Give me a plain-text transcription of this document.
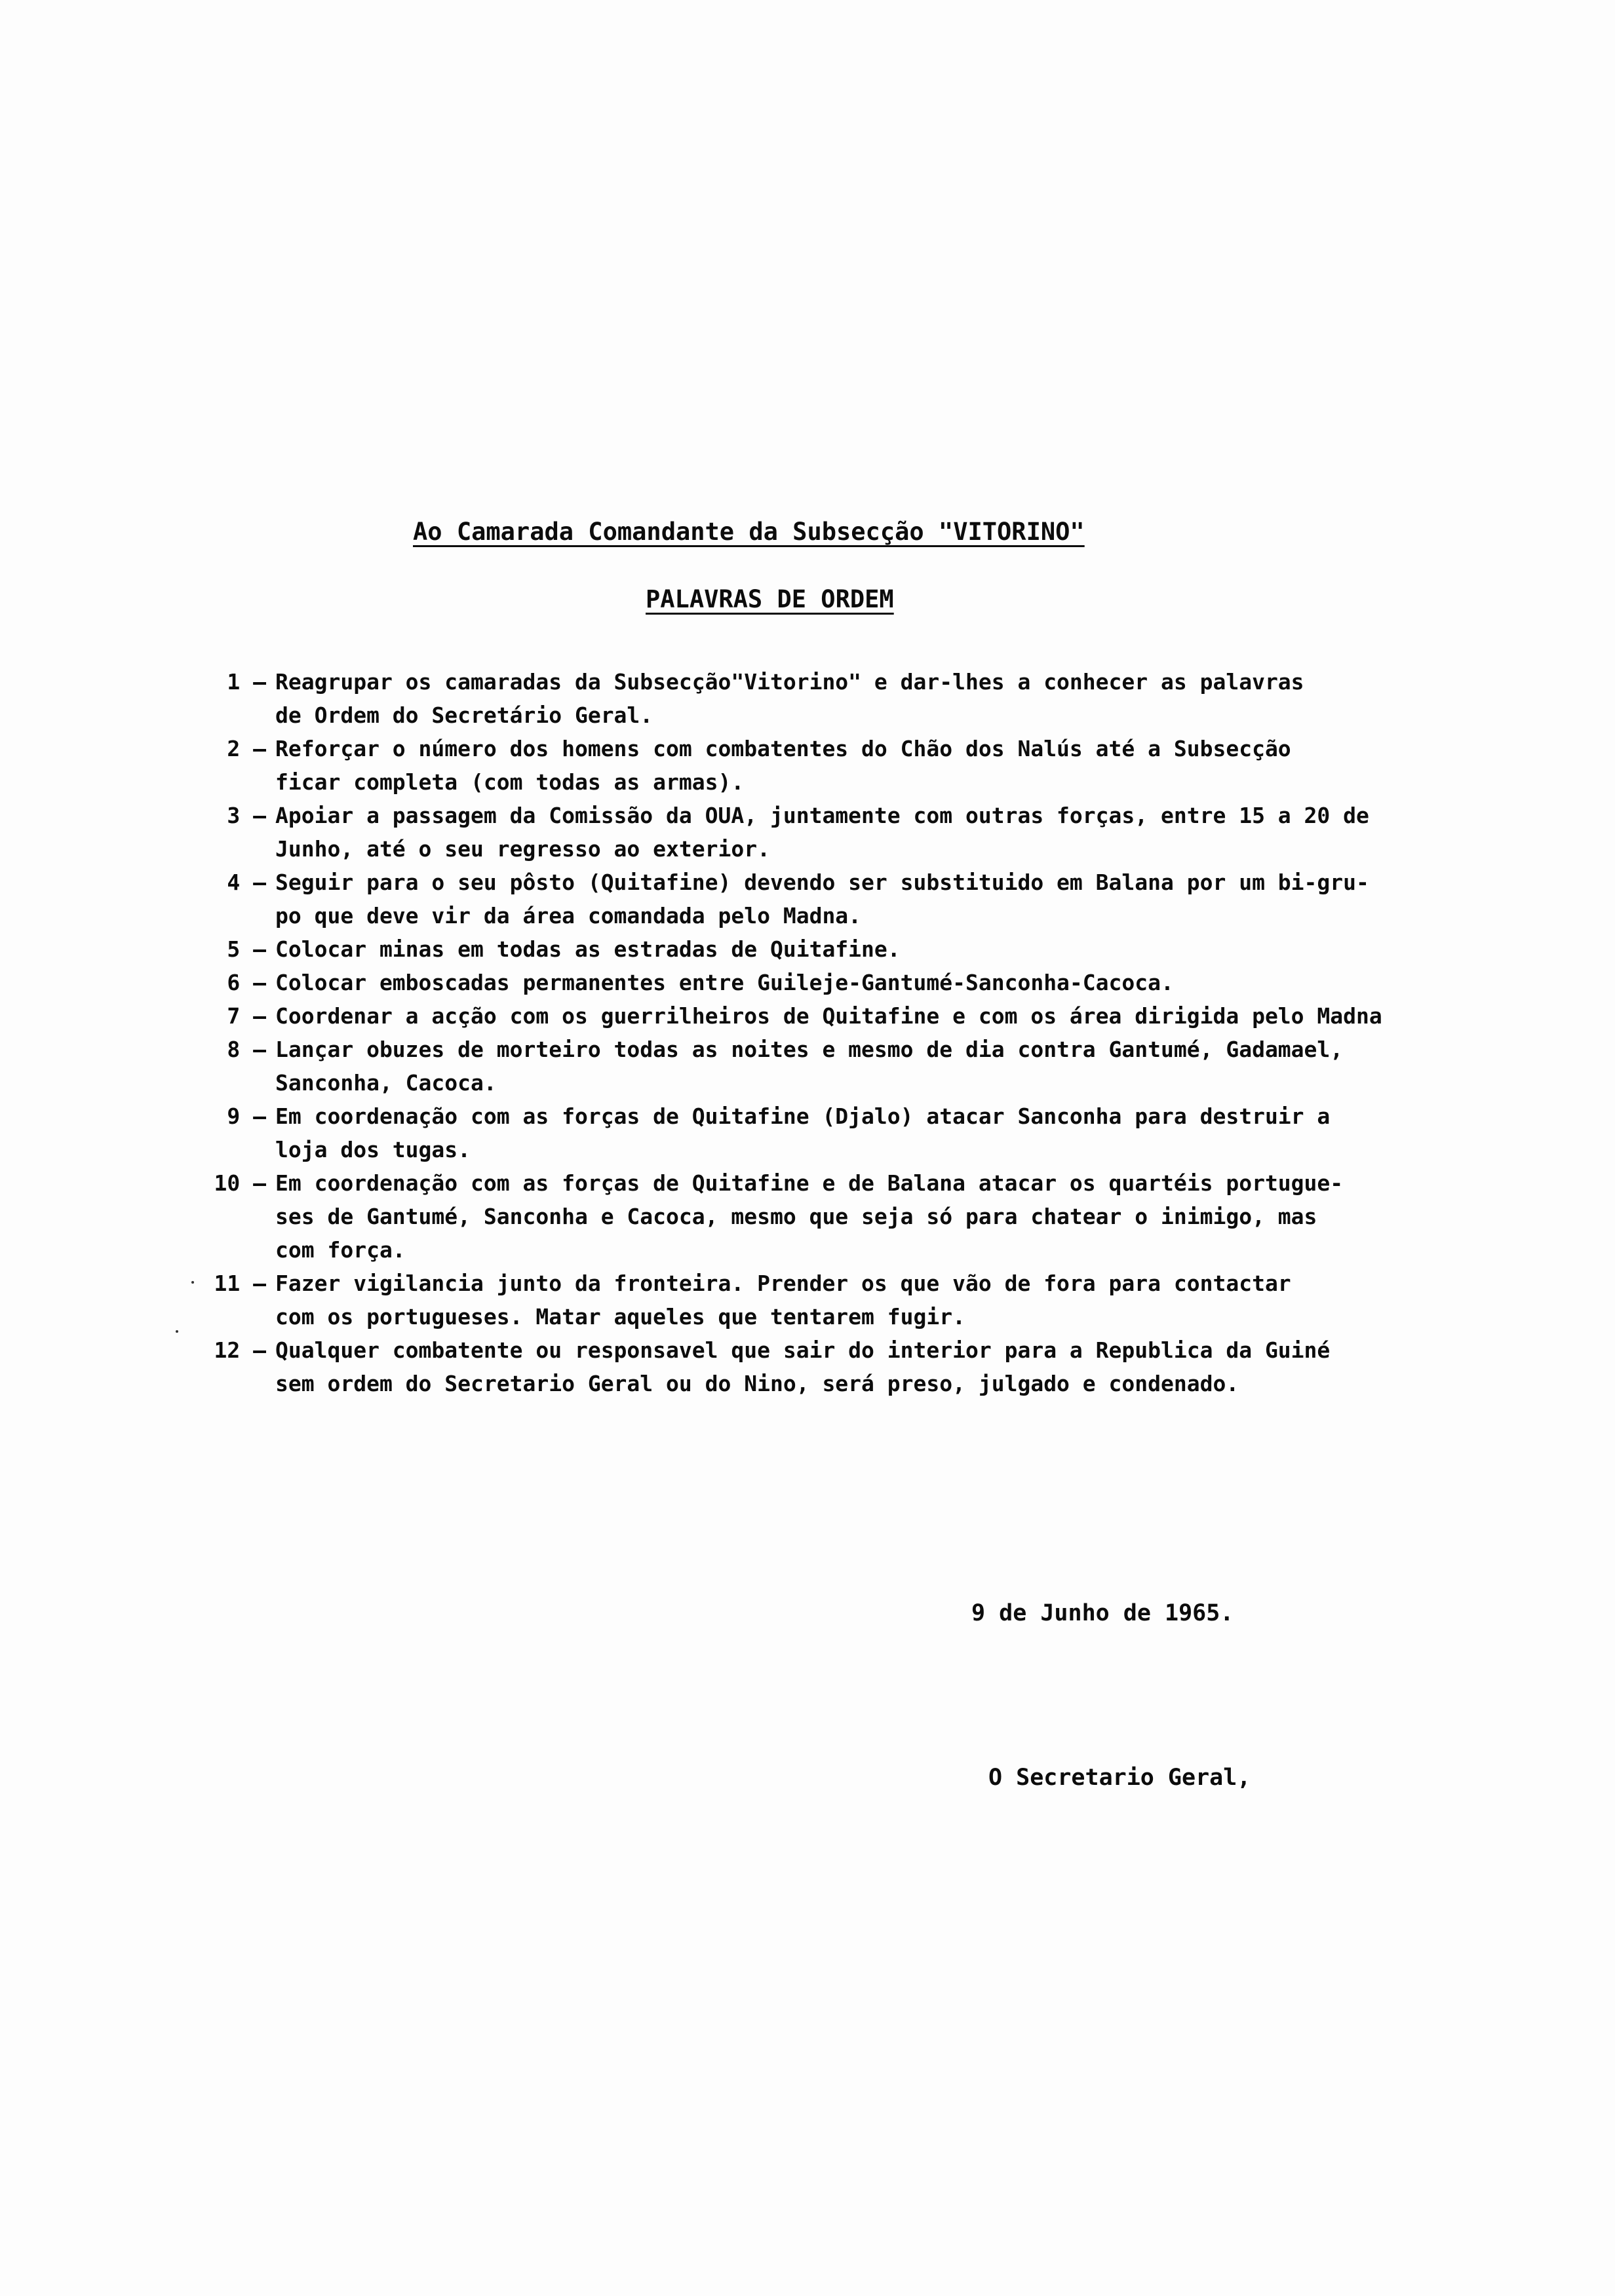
Ao Camarada Comandante da Subsecção "VITORINO"
PALAVRAS DE ORDEM
1 – Reagrupar os camaradas da Subsecção"Vitorino" e dar-lhes a conhecer as palavras
de Ordem do Secretário Geral.
2 – Reforçar o número dos homens com combatentes do Chão dos Nalús até a Subsecção
ficar completa (com todas as armas).
3 – Apoiar a passagem da Comissão da OUA, juntamente com outras forças, entre 15 a 20 de
Junho, até o seu regresso ao exterior.
4 – Seguir para o seu pôsto (Quitafine) devendo ser substituido em Balana por um bi-gru-
po que deve vir da área comandada pelo Madna.
5 – Colocar minas em todas as estradas de Quitafine.
6 – Colocar emboscadas permanentes entre Guileje-Gantumé-Sanconha-Cacoca.
7 – Coordenar a acção com os guerrilheiros de Quitafine e com os área dirigida pelo Madna
8 – Lançar obuzes de morteiro todas as noites e mesmo de dia contra Gantumé, Gadamael,
Sanconha, Cacoca.
9 – Em coordenação com as forças de Quitafine (Djalo) atacar Sanconha para destruir a
loja dos tugas.
10 – Em coordenação com as forças de Quitafine e de Balana atacar os quartéis portugue-
ses de Gantumé, Sanconha e Cacoca, mesmo que seja só para chatear o inimigo, mas
com força.
11 – Fazer vigilancia junto da fronteira. Prender os que vão de fora para contactar
com os portugueses. Matar aqueles que tentarem fugir.
12 – Qualquer combatente ou responsavel que sair do interior para a Republica da Guiné
sem ordem do Secretario Geral ou do Nino, será preso, julgado e condenado.
9 de Junho de 1965.
O Secretario Geral,
